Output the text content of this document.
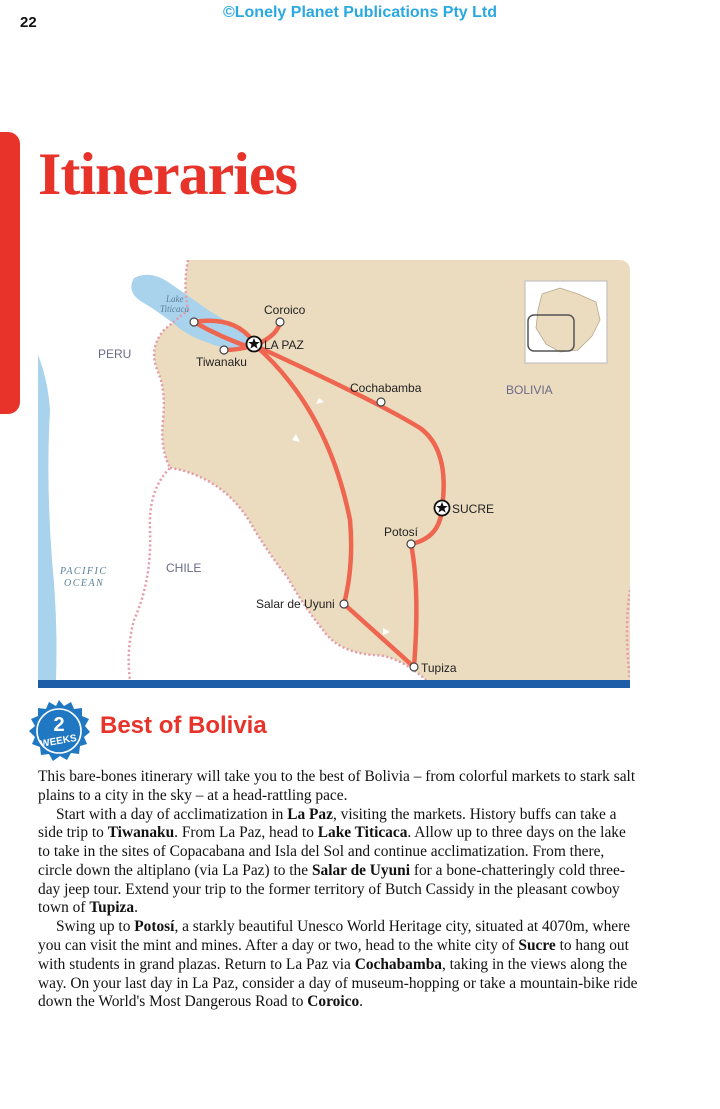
22
©Lonely Planet Publications Pty Ltd
Itineraries
PERU
BOLIVIA
CHILE
PACIFIC
OCEAN
Lake
Titicaca	Coroico
LA PAZ
Tiwanaku
Cochabamba
SUCRE
Potosí
Salar de Uyuni
Tupiza
2
WEEKS
Best of Bolivia

This bare-bones itinerary will take you to the best of Bolivia – from colorful markets to stark salt plains to a city in the sky – at a head-rattling pace.

Start with a day of acclimatization in La Paz, visiting the markets. History buffs can take a side trip to Tiwanaku. From La Paz, head to Lake Titicaca. Allow up to three days on the lake to take in the sites of Copacabana and Isla del Sol and continue acclimatization. From there, circle down the altiplano (via La Paz) to the Salar de Uyuni for a bone-chatteringly cold three-day jeep tour. Extend your trip to the former territory of Butch Cassidy in the pleasant cowboy town of Tupiza.

Swing up to Potosí, a starkly beautiful Unesco World Heritage city, situated at 4070m, where you can visit the mint and mines. After a day or two, head to the white city of Sucre to hang out with students in grand plazas. Return to La Paz via Cochabamba, taking in the views along the way. On your last day in La Paz, consider a day of museum-hopping or take a mountain-bike ride down the World's Most Dangerous Road to Coroico.
